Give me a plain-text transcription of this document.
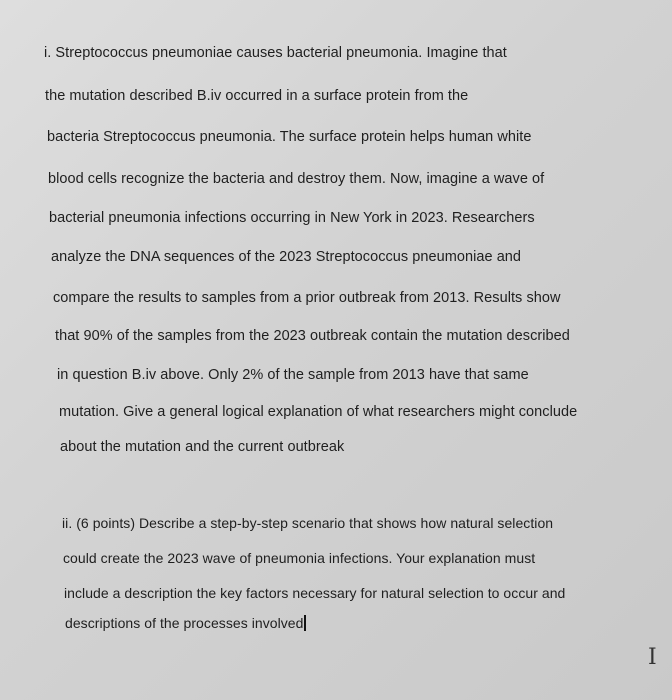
i. Streptococcus pneumoniae causes bacterial pneumonia. Imagine that
the mutation described B.iv occurred in a surface protein from the
bacteria Streptococcus pneumonia. The surface protein helps human white
blood cells recognize the bacteria and destroy them. Now, imagine a wave of
bacterial pneumonia infections occurring in New York in 2023. Researchers
analyze the DNA sequences of the 2023 Streptococcus pneumoniae and
compare the results to samples from a prior outbreak from 2013. Results show
that 90% of the samples from the 2023 outbreak contain the mutation described
in question B.iv above. Only 2% of the sample from 2013 have that same
mutation. Give a general logical explanation of what researchers might conclude
about the mutation and the current outbreak
ii. (6 points) Describe a step-by-step scenario that shows how natural selection
could create the 2023 wave of pneumonia infections. Your explanation must
include a description the key factors necessary for natural selection to occur and
descriptions of the processes involved
I
